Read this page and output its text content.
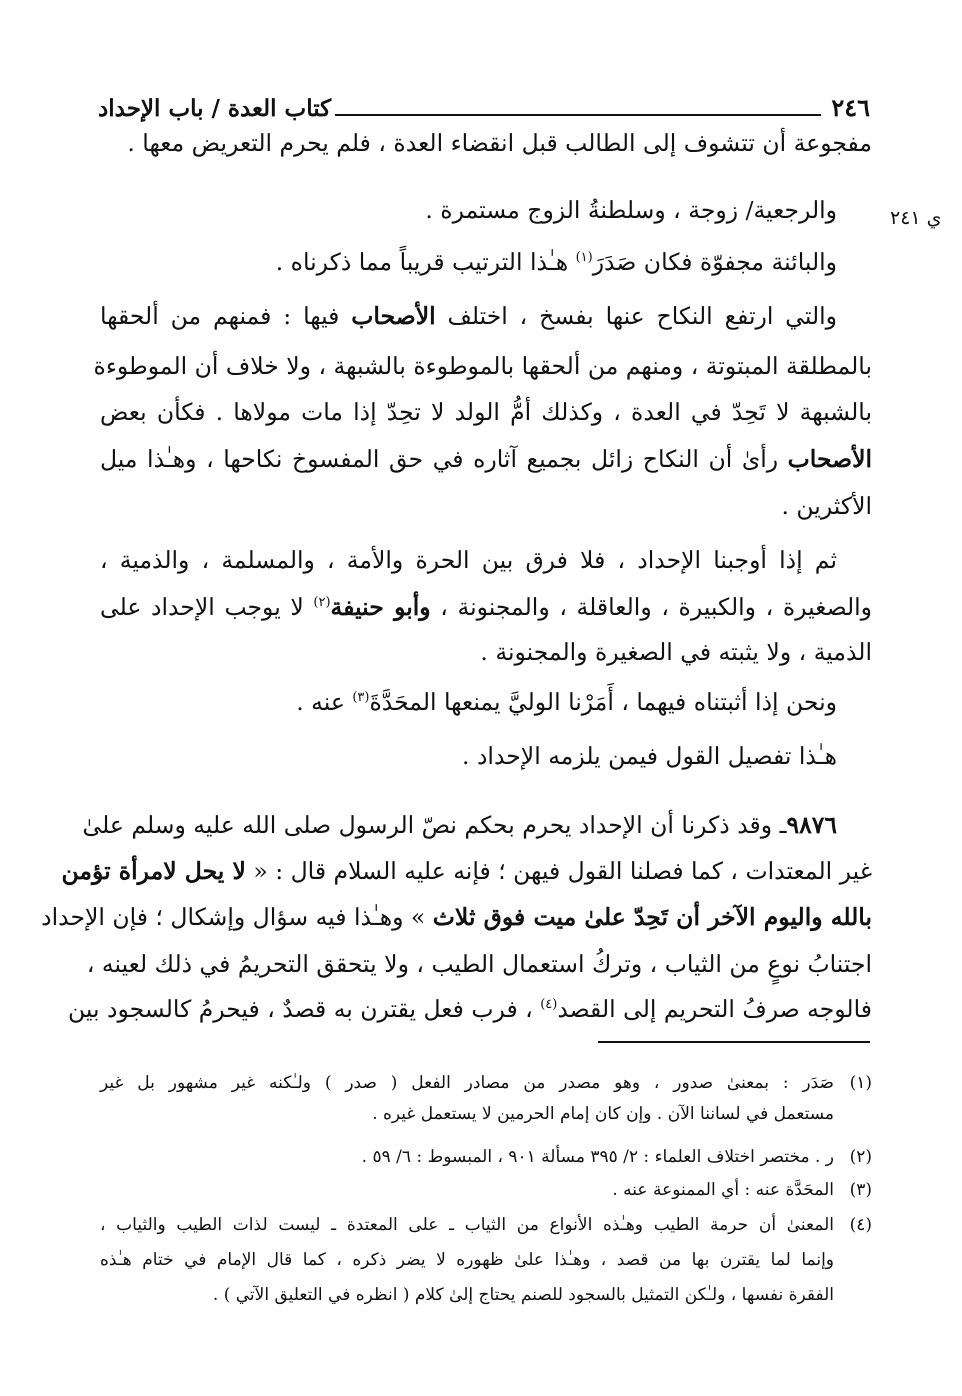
٢٤٦
كتاب العدة / باب الإحداد
ي ٢٤١
مفجوعة أن تتشوف إلى الطالب قبل انقضاء العدة ، فلم يحرم التعريض معها .
والرجعية/ زوجة ، وسلطنةُ الزوج مستمرة .
والبائنة مجفوّة فكان صَدَرَ$^{(١)}$ هـٰذا الترتيب قريباً مما ذكرناه .
والتي ارتفع النكاح عنها بفسخ ، اختلف الأصحاب فيها : فمنهم من ألحقها
بالمطلقة المبتوتة ، ومنهم من ألحقها بالموطوءة بالشبهة ، ولا خلاف أن الموطوءة
بالشبهة لا تَحِدّ في العدة ، وكذلك أمُّ الولد لا تحِدّ إذا مات مولاها . فكأن بعض
الأصحاب رأىٰ أن النكاح زائل بجميع آثاره في حق المفسوخ نكاحها ، وهـٰذا ميل
الأكثرين .
ثم إذا أوجبنا الإحداد ، فلا فرق بين الحرة والأمة ، والمسلمة ، والذمية ،
والصغيرة ، والكبيرة ، والعاقلة ، والمجنونة ، وأبو حنيفة$^{(٢)}$ لا يوجب الإحداد على
الذمية ، ولا يثبته في الصغيرة والمجنونة .
ونحن إذا أثبتناه فيهما ، أَمَرْنا الوليَّ يمنعها المحَدَّةَ$^{(٣)}$ عنه .
هـٰذا تفصيل القول فيمن يلزمه الإحداد .
٩٨٧٦ـ وقد ذكرنا أن الإحداد يحرم بحكم نصّ الرسول صلى الله عليه وسلم علىٰ
غير المعتدات ، كما فصلنا القول فيهن ؛ فإنه عليه السلام قال : « لا يحل لامرأة تؤمن
بالله واليوم الآخر أن تَحِدّ علىٰ ميت فوق ثلاث » وهـٰذا فيه سؤال وإشكال ؛ فإن الإحداد
اجتنابُ نوعٍ من الثياب ، وتركُ استعمال الطيب ، ولا يتحقق التحريمُ في ذلك لعينه ،
فالوجه صرفُ التحريم إلى القصد$^{(٤)}$ ، فرب فعل يقترن به قصدٌ ، فيحرمُ كالسجود بين
(١)
صَدَر : بمعنىٰ صدور ، وهو مصدر من مصادر الفعل ( صدر ) ولـٰكنه غير مشهور بل غير
مستعمل في لساننا الآن . وإن كان إمام الحرمين لا يستعمل غيره .
(٢)
ر . مختصر اختلاف العلماء : ٢/ ٣٩٥ مسألة ٩٠١ ، المبسوط : ٦/ ٥٩ .
(٣)
المحَدَّة عنه : أي الممنوعة عنه .
(٤)
المعنىٰ أن حرمة الطيب وهـٰذه الأنواع من الثياب ـ على المعتدة ـ ليست لذات الطيب والثياب ،
وإنما لما يقترن بها من قصد ، وهـٰذا علىٰ ظهوره لا يضر ذكره ، كما قال الإمام في ختام هـٰذه
الفقرة نفسها ، ولـٰكن التمثيل بالسجود للصنم يحتاج إلىٰ كلام ( انظره في التعليق الآتي ) .
